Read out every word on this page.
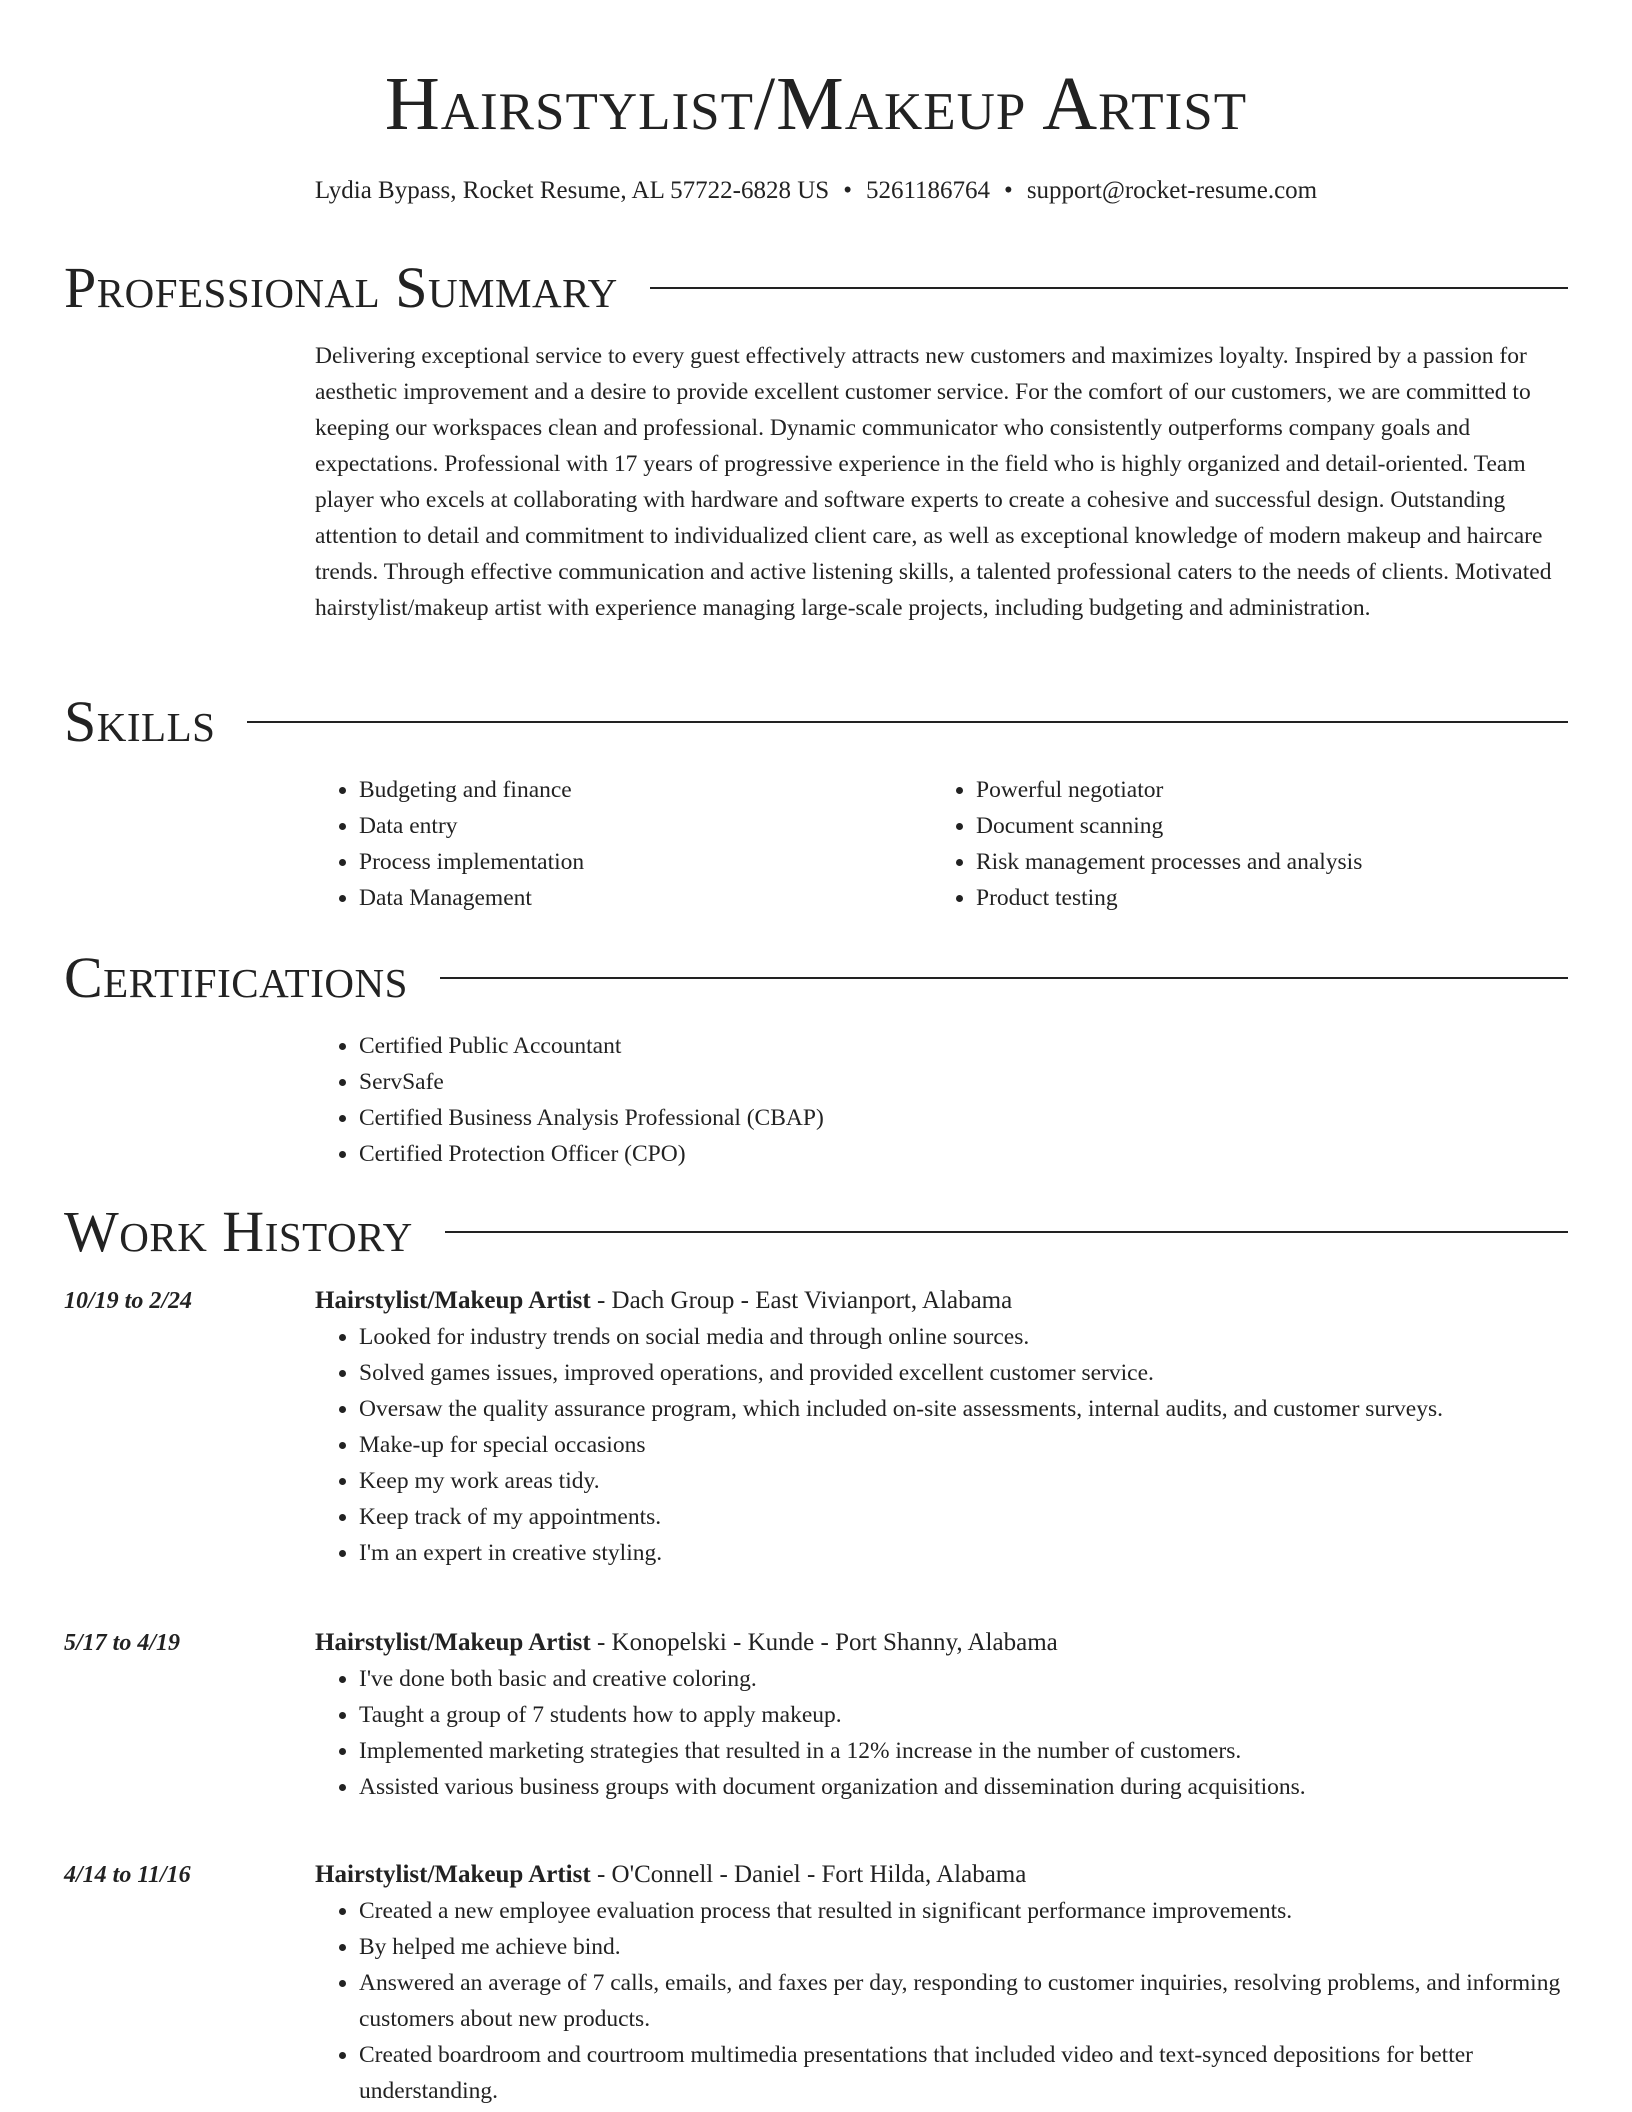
Hairstylist/Makeup Artist
Lydia Bypass, Rocket Resume, AL 57722-6828 US • 5261186764 • support@rocket-resume.com
Professional Summary

Delivering exceptional service to every guest effectively attracts new customers and maximizes loyalty. Inspired by a passion for aesthetic improvement and a desire to provide excellent customer service. For the comfort of our customers, we are committed to keeping our workspaces clean and professional. Dynamic communicator who consistently outperforms company goals and expectations. Professional with 17 years of progressive experience in the field who is highly organized and detail-oriented. Team player who excels at collaborating with hardware and software experts to create a cohesive and successful design. Outstanding attention to detail and commitment to individualized client care, as well as exceptional knowledge of modern makeup and haircare trends. Through effective communication and active listening skills, a talented professional caters to the needs of clients. Motivated hairstylist/makeup artist with experience managing large-scale projects, including budgeting and administration.

Skills
• Budgeting and finance
• Data entry
• Process implementation
• Data Management
• Powerful negotiator
• Document scanning
• Risk management processes and analysis
• Product testing
Certifications
• Certified Public Accountant
• ServSafe
• Certified Business Analysis Professional (CBAP)
• Certified Protection Officer (CPO)
Work History
10/19 to 2/24	Hairstylist/Makeup Artist - Dach Group - East Vivianport, Alabama
• Looked for industry trends on social media and through online sources.
• Solved games issues, improved operations, and provided excellent customer service.
• Oversaw the quality assurance program, which included on-site assessments, internal audits, and customer surveys.
• Make-up for special occasions
• Keep my work areas tidy.
• Keep track of my appointments.
• I'm an expert in creative styling.
5/17 to 4/19	Hairstylist/Makeup Artist - Konopelski - Kunde - Port Shanny, Alabama
• I've done both basic and creative coloring.
• Taught a group of 7 students how to apply makeup.
• Implemented marketing strategies that resulted in a 12% increase in the number of customers.
• Assisted various business groups with document organization and dissemination during acquisitions.
4/14 to 11/16	Hairstylist/Makeup Artist - O'Connell - Daniel - Fort Hilda, Alabama
• Created a new employee evaluation process that resulted in significant performance improvements.
• By helped me achieve bind.
• Answered an average of 7 calls, emails, and faxes per day, responding to customer inquiries, resolving problems, and informing customers about new products.
• Created boardroom and courtroom multimedia presentations that included video and text-synced depositions for better understanding.
